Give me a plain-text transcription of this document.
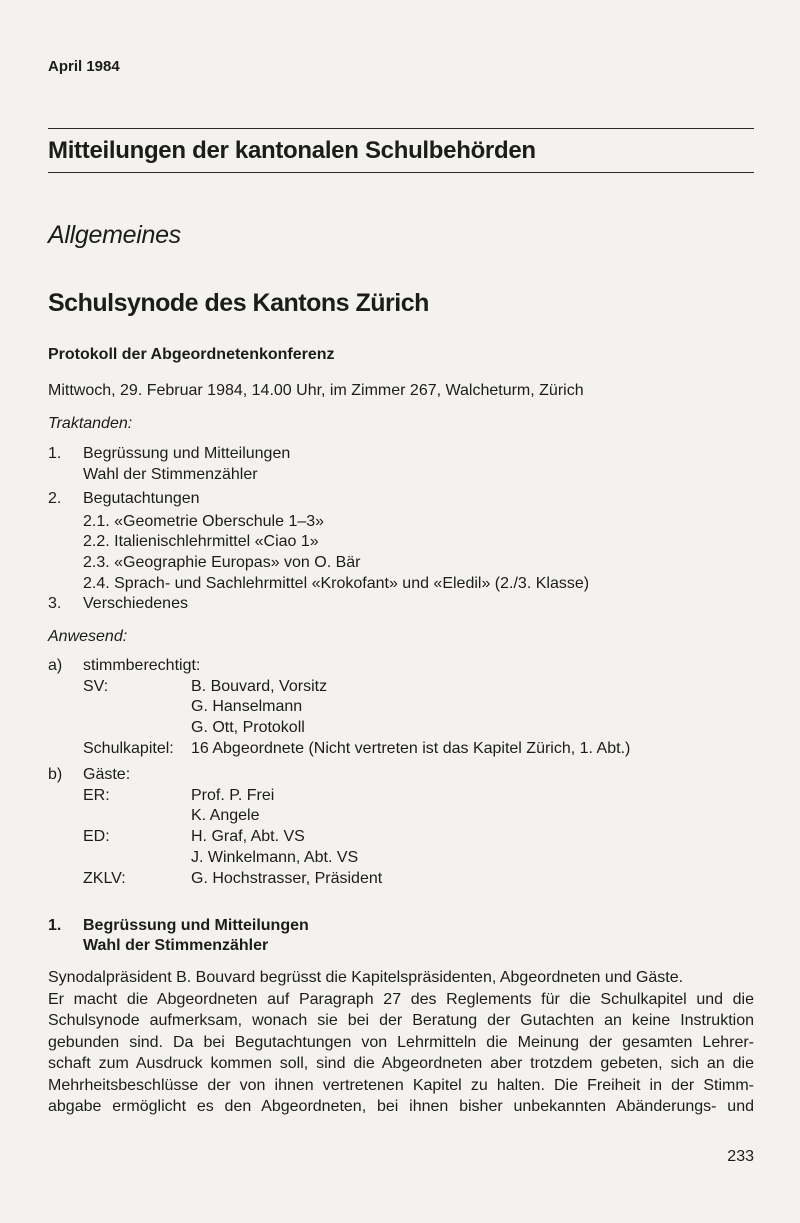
April 1984
Mitteilungen der kantonalen Schulbehörden
Allgemeines
Schulsynode des Kantons Zürich
Protokoll der Abgeordnetenkonferenz
Mittwoch, 29. Februar 1984, 14.00 Uhr, im Zimmer 267, Walcheturm, Zürich
Traktanden:
1. Begrüssung und Mitteilungen
Wahl der Stimmenzähler
2. Begutachtungen
2.1. «Geometrie Oberschule 1–3»
2.2. Italienischlehrmittel «Ciao 1»
2.3. «Geographie Europas» von O. Bär
2.4. Sprach- und Sachlehrmittel «Krokofant» und «Eledil» (2./3. Klasse)
3. Verschiedenes
Anwesend:
a) stimmberechtigt:
SV:	B. Bouvard, Vorsitz
G. Hanselmann
G. Ott, Protokoll
Schulkapitel: 16 Abgeordnete (Nicht vertreten ist das Kapitel Zürich, 1. Abt.)
b) Gäste:
ER:	Prof. P. Frei
K. Angele
ED:	H. Graf, Abt. VS
J. Winkelmann, Abt. VS
ZKLV:	G. Hochstrasser, Präsident
1. Begrüssung und Mitteilungen
Wahl der Stimmenzähler
Synodalpräsident B. Bouvard begrüsst die Kapitelspräsidenten, Abgeordneten und Gäste.
Er macht die Abgeordneten auf Paragraph 27 des Reglements für die Schulkapitel und die
Schulsynode aufmerksam, wonach sie bei der Beratung der Gutachten an keine Instruktion
gebunden sind. Da bei Begutachtungen von Lehrmitteln die Meinung der gesamten Lehrer-
schaft zum Ausdruck kommen soll, sind die Abgeordneten aber trotzdem gebeten, sich an die
Mehrheitsbeschlüsse der von ihnen vertretenen Kapitel zu halten. Die Freiheit in der Stimm-
abgabe ermöglicht es den Abgeordneten, bei ihnen bisher unbekannten Abänderungs- und
233
